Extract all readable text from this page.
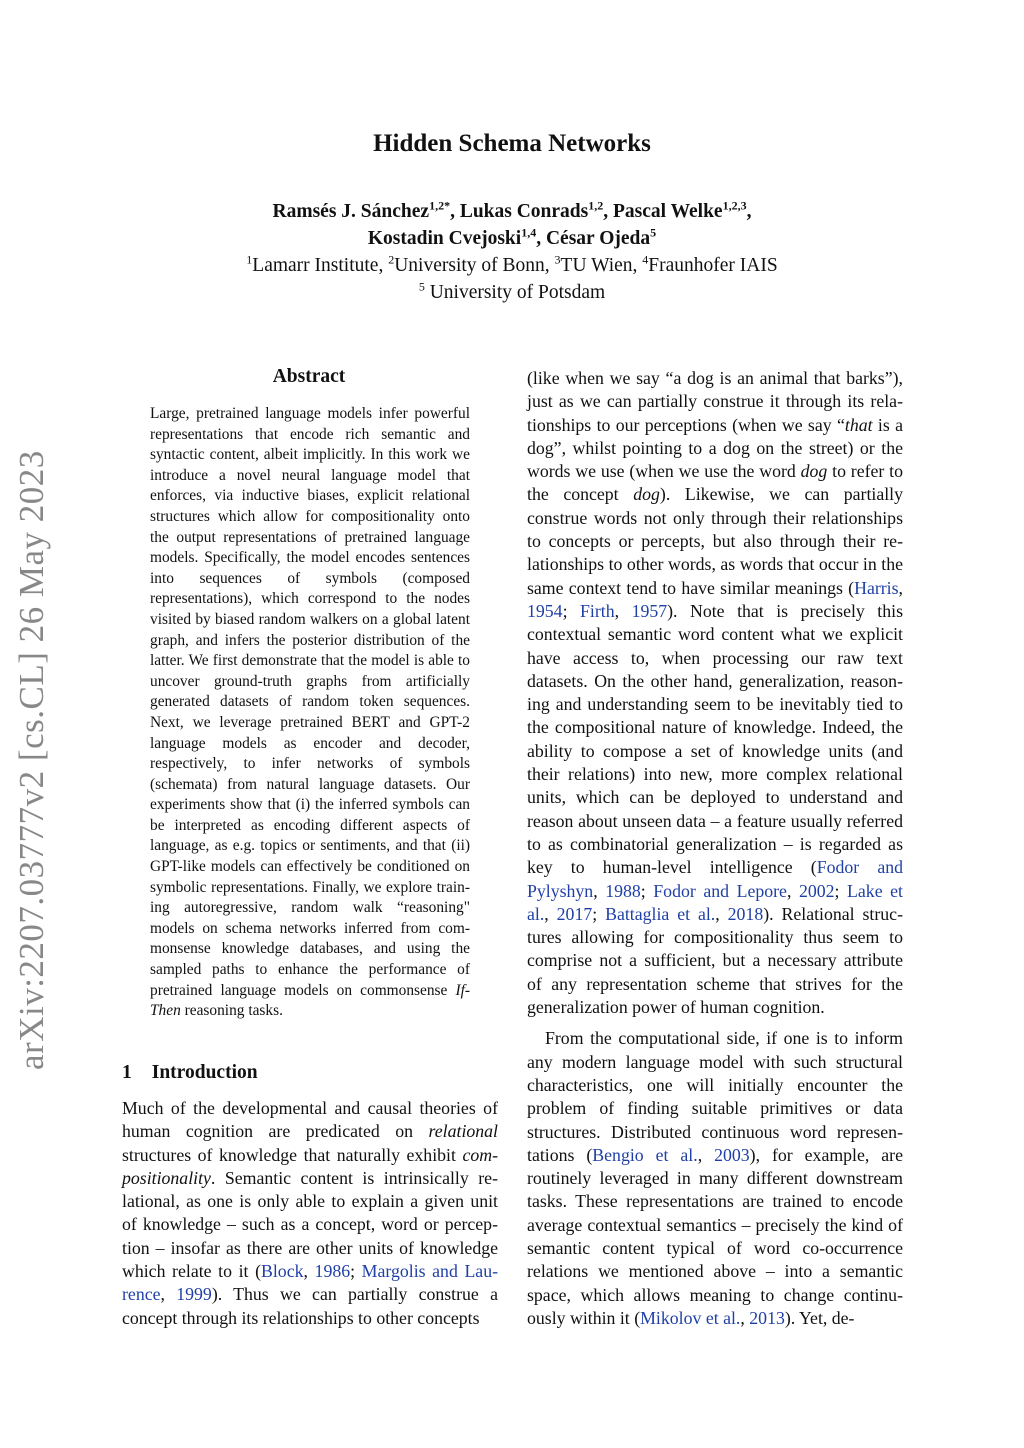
arXiv:2207.03777v2 [cs.CL] 26 May 2023
Hidden Schema Networks
Ramsés J. Sánchez$^{1,2*}$, Lukas Conrads$^{1,2}$, Pascal Welke$^{1,2,3}$,
Kostadin Cvejoski$^{1,4}$, César Ojeda$^5$
$^1$Lamarr Institute, $^2$University of Bonn, $^3$TU Wien, $^4$Fraunhofer IAIS
$^5$ University of Potsdam
Abstract
Large, pretrained language models infer powerful representations that encode rich semantic and syntactic content, albeit implicitly. In this work we introduce a novel neural language model that enforces, via inductive biases, explicit relational structures which allow for compositionality onto the output representations of pretrained language models. Specifically, the model encodes sentences into sequences of symbols (composed representations), which correspond to the nodes visited by biased random walkers on a global latent graph, and infers the posterior distribution of the latter. We first demonstrate that the model is able to uncover ground-truth graphs from artificially generated datasets of random token sequences. Next, we leverage pretrained BERT and GPT-2 language models as encoder and decoder, respectively, to infer networks of symbols (schemata) from natural language datasets. Our experiments show that (i) the inferred symbols can be interpreted as encoding different aspects of language, as e.g. topics or sentiments, and that (ii) GPT-like models can effectively be conditioned on symbolic representations. Finally, we explore training autoregressive, random walk “reasoning" models on schema networks inferred from commonsense knowledge databases, and using the sampled paths to enhance the performance of pretrained language models on commonsense If-Then reasoning tasks.
1 Introduction
Much of the developmental and causal theories of human cognition are predicated on relational structures of knowledge that naturally exhibit compositionality. Semantic content is intrinsically relational, as one is only able to explain a given unit of knowledge – such as a concept, word or perception – insofar as there are other units of knowledge which relate to it (Block, 1986; Margolis and Laurence, 1999). Thus we can partially construe a concept through its relationships to other concepts

(like when we say “a dog is an animal that barks”), just as we can partially construe it through its relationships to our perceptions (when we say “that is a dog”, whilst pointing to a dog on the street) or the words we use (when we use the word dog to refer to the concept dog). Likewise, we can partially construe words not only through their relationships to concepts or percepts, but also through their relationships to other words, as words that occur in the same context tend to have similar meanings (Harris, 1954; Firth, 1957). Note that is precisely this contextual semantic word content what we explicit have access to, when processing our raw text datasets. On the other hand, generalization, reasoning and understanding seem to be inevitably tied to the compositional nature of knowledge. Indeed, the ability to compose a set of knowledge units (and their relations) into new, more complex relational units, which can be deployed to understand and reason about unseen data – a feature usually referred to as combinatorial generalization – is regarded as key to human-level intelligence (Fodor and Pylyshyn, 1988; Fodor and Lepore, 2002; Lake et al., 2017; Battaglia et al., 2018). Relational structures allowing for compositionality thus seem to comprise not a sufficient, but a necessary attribute of any representation scheme that strives for the generalization power of human cognition.

From the computational side, if one is to inform any modern language model with such structural characteristics, one will initially encounter the problem of finding suitable primitives or data structures. Distributed continuous word representations (Bengio et al., 2003), for example, are routinely leveraged in many different downstream tasks. These representations are trained to encode average contextual semantics – precisely the kind of semantic content typical of word co-occurrence relations we mentioned above – into a semantic space, which allows meaning to change continuously within it (Mikolov et al., 2013). Yet, de-
